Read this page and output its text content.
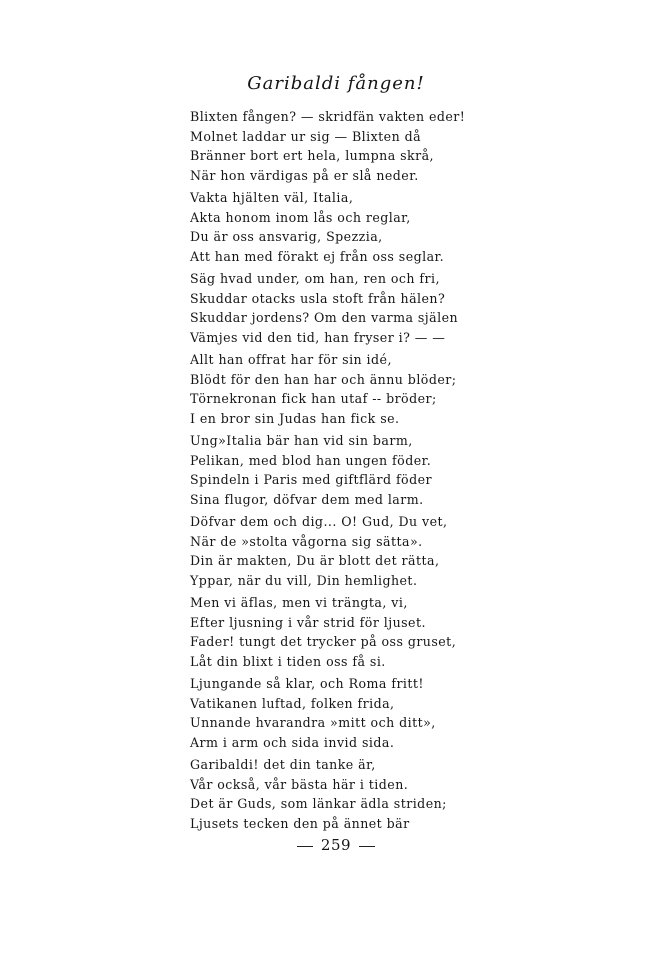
Garibaldi fången!
Blixten fången? — skridfän vakten eder!
Molnet laddar ur sig — Blixten då
Bränner bort ert hela, lumpna skrå,
När hon värdigas på er slå neder.
Vakta hjälten väl, Italia,
Akta honom inom lås och reglar,
Du är oss ansvarig, Spezzia,
Att han med förakt ej från oss seglar.
Säg hvad under, om han, ren och fri,
Skuddar otacks usla stoft från hälen?
Skuddar jordens? Om den varma själen
Vämjes vid den tid, han fryser i? — —
Allt han offrat har för sin idé,
Blödt för den han har och ännu blöder;
Törnekronan fick han utaf -- bröder;
I en bror sin Judas han fick se.
Ung»Italia bär han vid sin barm,
Pelikan, med blod han ungen föder.
Spindeln i Paris med giftflärd föder
Sina flugor, döfvar dem med larm.
Döfvar dem och dig... O! Gud, Du vet,
När de »stolta vågorna sig sätta».
Din är makten, Du är blott det rätta,
Yppar, när du vill, Din hemlighet.
Men vi äflas, men vi trängta, vi,
Efter ljusning i vår strid för ljuset.
Fader! tungt det trycker på oss gruset,
Låt din blixt i tiden oss få si.
Ljungande så klar, och Roma fritt!
Vatikanen luftad, folken frida,
Unnande hvarandra »mitt och ditt»,
Arm i arm och sida invid sida.
Garibaldi! det din tanke är,
Vår också, vår bästa här i tiden.
Det är Guds, som länkar ädla striden;
Ljusets tecken den på ännet bär
259
